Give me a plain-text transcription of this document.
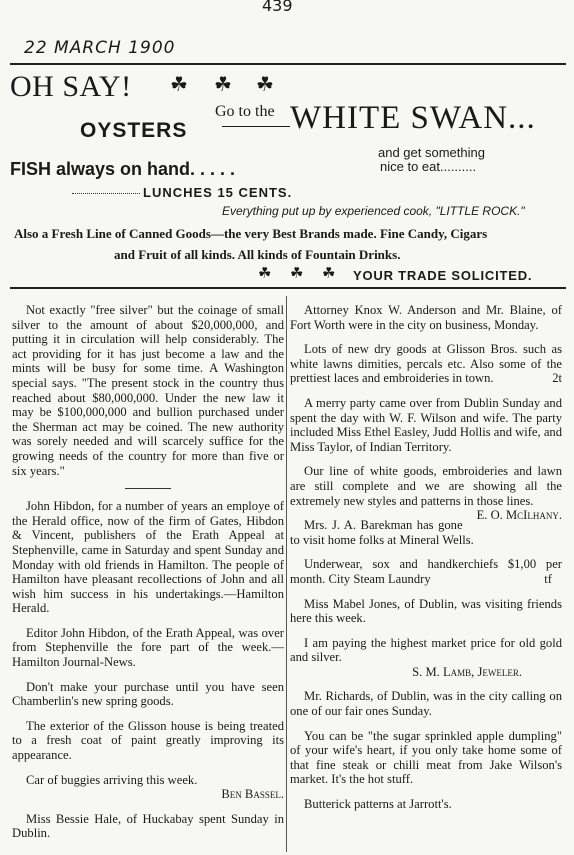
439
22 MARCH 1900
OH SAY! ☘ ☘ ☘
Go to the WHITE SWAN...
OYSTERS
and get something
nice to eat..........
FISH always on hand. . . . .
LUNCHES 15 CENTS.
Everything put up by experienced cook, "LITTLE ROCK."
Also a Fresh Line of Canned Goods—the very Best Brands made. Fine Candy, Cigars
and Fruit of all kinds. All kinds of Fountain Drinks.
☘ ☘ ☘ YOUR TRADE SOLICITED.

Not exactly "free silver" but the coinage of small silver to the amount of about $20,000,000, and putting it in circulation will help considerably. The act providing for it has just become a law and the mints will be busy for some time. A Washington special says. "The present stock in the country thus reached about $80,000,000. Under the new law it may be $100,000,000 and bullion purchased under the Sherman act may be coined. The new authority was sorely needed and will scarcely suffice for the growing needs of the country for more than five or six years."

John Hibdon, for a number of years an employe of the Herald office, now of the firm of Gates, Hibdon & Vincent, publishers of the Erath Appeal at Stephenville, came in Saturday and spent Sunday and Monday with old friends in Hamilton. The people of Hamilton have pleasant recollections of John and all wish him success in his undertakings.—Hamilton Herald.

Editor John Hibdon, of the Erath Appeal, was over from Stephenville the fore part of the week.—Hamilton Journal-News.

Don't make your purchase until you have seen Chamberlin's new spring goods.

The exterior of the Glisson house is being treated to a fresh coat of paint greatly improving its appearance.

Car of buggies arriving this week.
Ben Bassel.

Miss Bessie Hale, of Huckabay spent Sunday in Dublin.

Attorney Knox W. Anderson and Mr. Blaine, of Fort Worth were in the city on business, Monday.

Lots of new dry goods at Glisson Bros. such as white lawns dimities, percals etc. Also some of the prettiest laces and embroideries in town.	2t

A merry party came over from Dublin Sunday and spent the day with W. F. Wilson and wife. The party included Miss Ethel Easley, Judd Hollis and wife, and Miss Taylor, of Indian Territory.

Our line of white goods, embroideries and lawn are still complete and we are showing all the extremely new styles and patterns in those lines.
E. O. McIlhany.

Mrs. J. A. Barekman has gone to visit home folks at Mineral Wells.

Underwear, sox and handkerchiefs $1,00 per month. City Steam Laundry	tf

Miss Mabel Jones, of Dublin, was visiting friends here this week.

I am paying the highest market price for old gold and silver.
S. M. Lamb, Jeweler.

Mr. Richards, of Dublin, was in the city calling on one of our fair ones Sunday.

You can be "the sugar sprinkled apple dumpling" of your wife's heart, if you only take home some of that fine steak or chilli meat from Jake Wilson's market. It's the hot stuff.

Butterick patterns at Jarrott's.
